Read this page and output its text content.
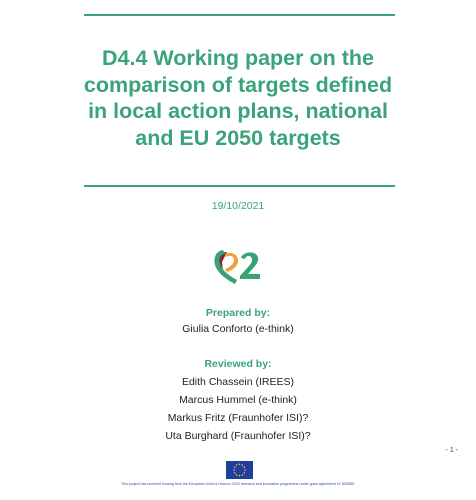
D4.4 Working paper on the
comparison of targets defined
in local action plans, national
and EU 2050 targets
19/10/2021
Prepared by:
Giulia Conforto (e-think)
Reviewed by:
Edith Chassein (IREES)
Marcus Hummel (e-think)
Markus Fritz (Fraunhofer ISI)?
Uta Burghard (Fraunhofer ISI)?
- 1 -
This project has received funding from the European Union's Horizon 2020 research and innovation programme under grant agreement N° 892560.
